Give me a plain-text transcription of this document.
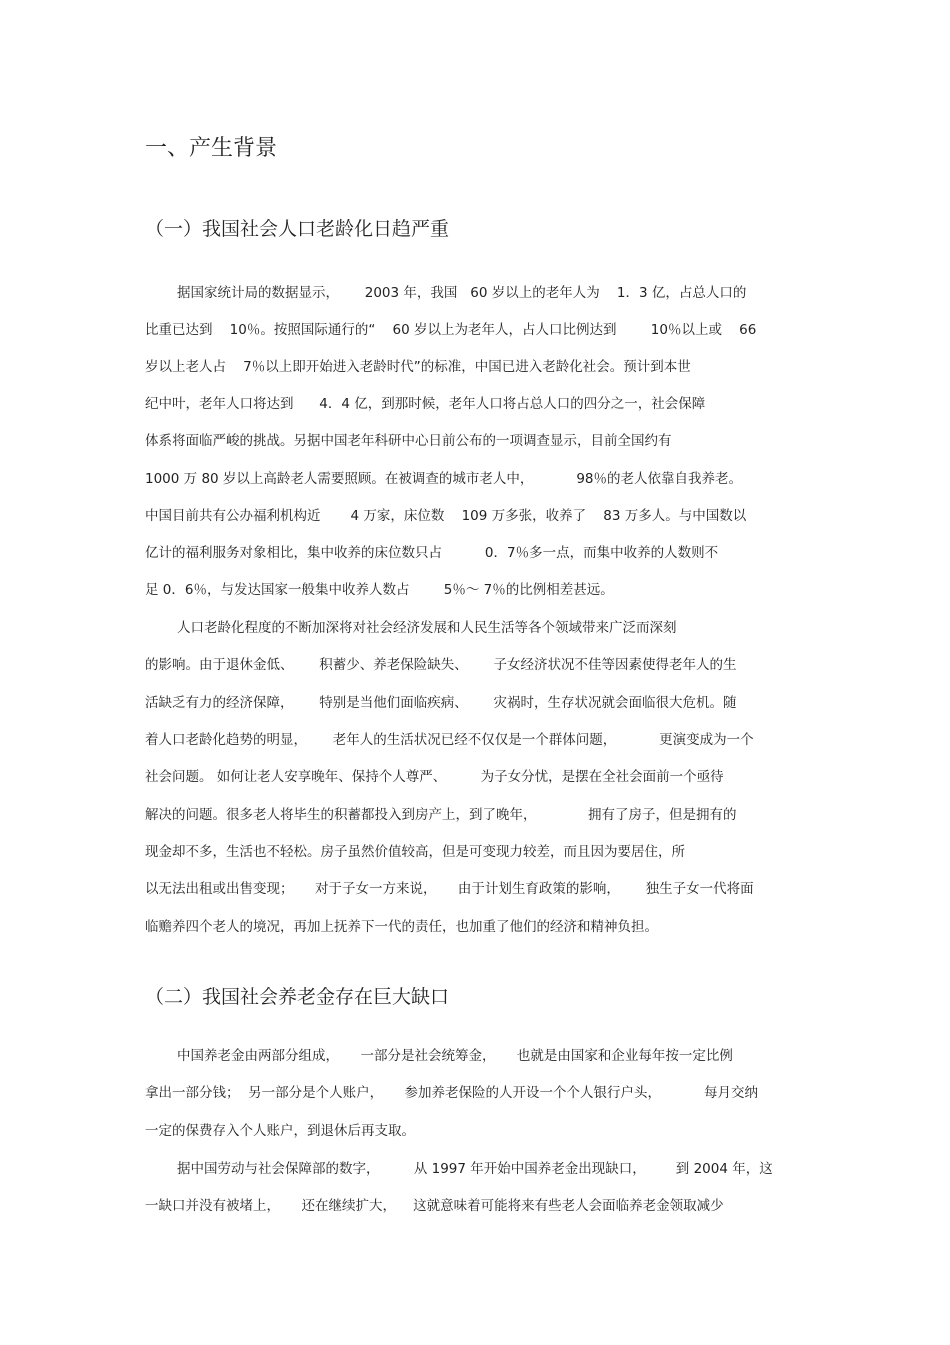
一、产生背景
（一）我国社会人口老龄化日趋严重
据国家统计局的数据显示，      2003 年，我国   60 岁以上的老年人为    1．3 亿，占总人口的
比重已达到    10％。按照国际通行的“    60 岁以上为老年人，占人口比例达到        10％以上或    66
岁以上老人占    7％以上即开始进入老龄时代”的标准，中国已进入老龄化社会。预计到本世
纪中叶，老年人口将达到      4．4 亿，到那时候，老年人口将占总人口的四分之一，社会保障
体系将面临严峻的挑战。另据中国老年科研中心日前公布的一项调查显示，目前全国约有
1000 万 80 岁以上高龄老人需要照顾。在被调查的城市老人中，          98％的老人依靠自我养老。
中国目前共有公办福利机构近       4 万家，床位数    109 万多张，收养了    83 万多人。与中国数以
亿计的福利服务对象相比，集中收养的床位数只占          0．7％多一点，而集中收养的人数则不
足 0．6％，与发达国家一般集中收养人数占        5％～ 7％的比例相差甚远。
人口老龄化程度的不断加深将对社会经济发展和人民生活等各个领域带来广泛而深刻
的影响。由于退休金低、      积蓄少、养老保险缺失、      子女经济状况不佳等因素使得老年人的生
活缺乏有力的经济保障，      特别是当他们面临疾病、      灾祸时，生存状况就会面临很大危机。随
着人口老龄化趋势的明显，      老年人的生活状况已经不仅仅是一个群体问题，          更演变成为一个
社会问题。 如何让老人安享晚年、保持个人尊严、        为子女分忧，是摆在全社会面前一个亟待
解决的问题。很多老人将毕生的积蓄都投入到房产上，到了晚年，            拥有了房子，但是拥有的
现金却不多，生活也不轻松。房子虽然价值较高，但是可变现力较差，而且因为要居住，所
以无法出租或出售变现；     对于子女一方来说，     由于计划生育政策的影响，      独生子女一代将面
临赡养四个老人的境况，再加上抚养下一代的责任，也加重了他们的经济和精神负担。
（二）我国社会养老金存在巨大缺口
中国养老金由两部分组成，     一部分是社会统筹金，     也就是由国家和企业每年按一定比例
拿出一部分钱；  另一部分是个人账户，     参加养老保险的人开设一个个人银行户头，          每月交纳
一定的保费存入个人账户，到退休后再支取。
据中国劳动与社会保障部的数字，        从 1997 年开始中国养老金出现缺口，       到 2004 年，这
一缺口并没有被堵上，     还在继续扩大，    这就意味着可能将来有些老人会面临养老金领取减少
